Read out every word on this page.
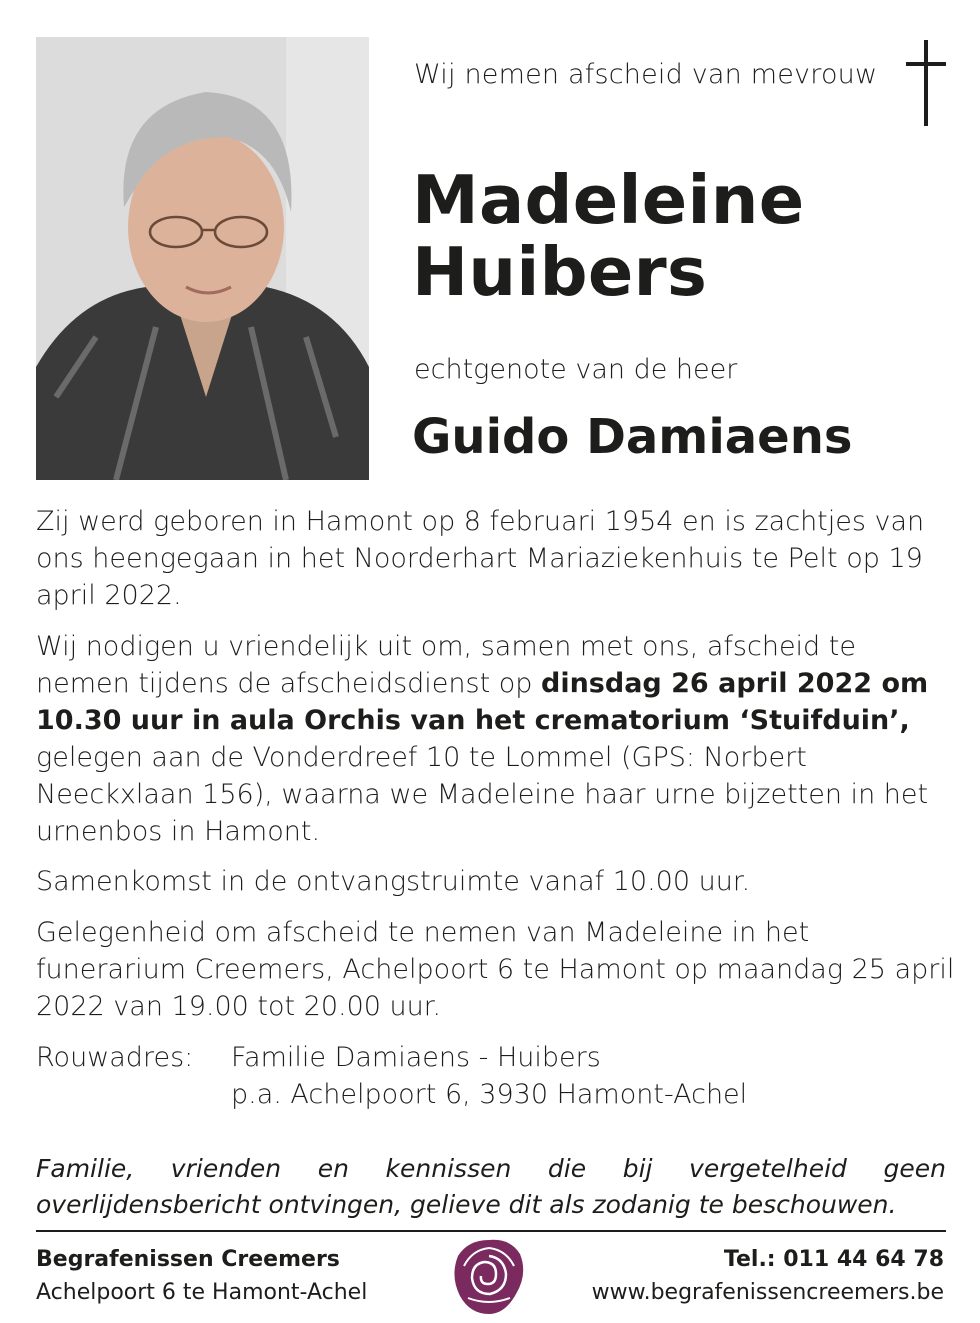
Wij nemen afscheid van mevrouw
Madeleine
Huibers
echtgenote van de heer
Guido Damiaens

Zij werd geboren in Hamont op 8 februari 1954 en is zachtjes van ons heengegaan in het Noorderhart Mariaziekenhuis te Pelt op 19 april 2022.

Wij nodigen u vriendelijk uit om, samen met ons, afscheid te nemen tijdens de afscheidsdienst op dinsdag 26 april 2022 om 10.30 uur in aula Orchis van het crematorium ‘Stuifduin’, gelegen aan de Vonderdreef 10 te Lommel (GPS: Norbert Neeckxlaan 156), waarna we Madeleine haar urne bijzetten in het urnenbos in Hamont.

Samenkomst in de ontvangstruimte vanaf 10.00 uur.

Gelegenheid om afscheid te nemen van Madeleine in het funerarium Creemers, Achelpoort 6 te Hamont op maandag 25 april 2022 van 19.00 tot 20.00 uur.

Rouwadres:	Familie Damiaens - Huibers
p.a. Achelpoort 6, 3930 Hamont-Achel
Familie, vrienden en kennissen die bij vergetelheid geen overlijdensbericht ontvingen, gelieve dit als zodanig te beschouwen.
Begrafenissen Creemers
Achelpoort 6 te Hamont-Achel
Tel.: 011 44 64 78
www.begrafenissencreemers.be
